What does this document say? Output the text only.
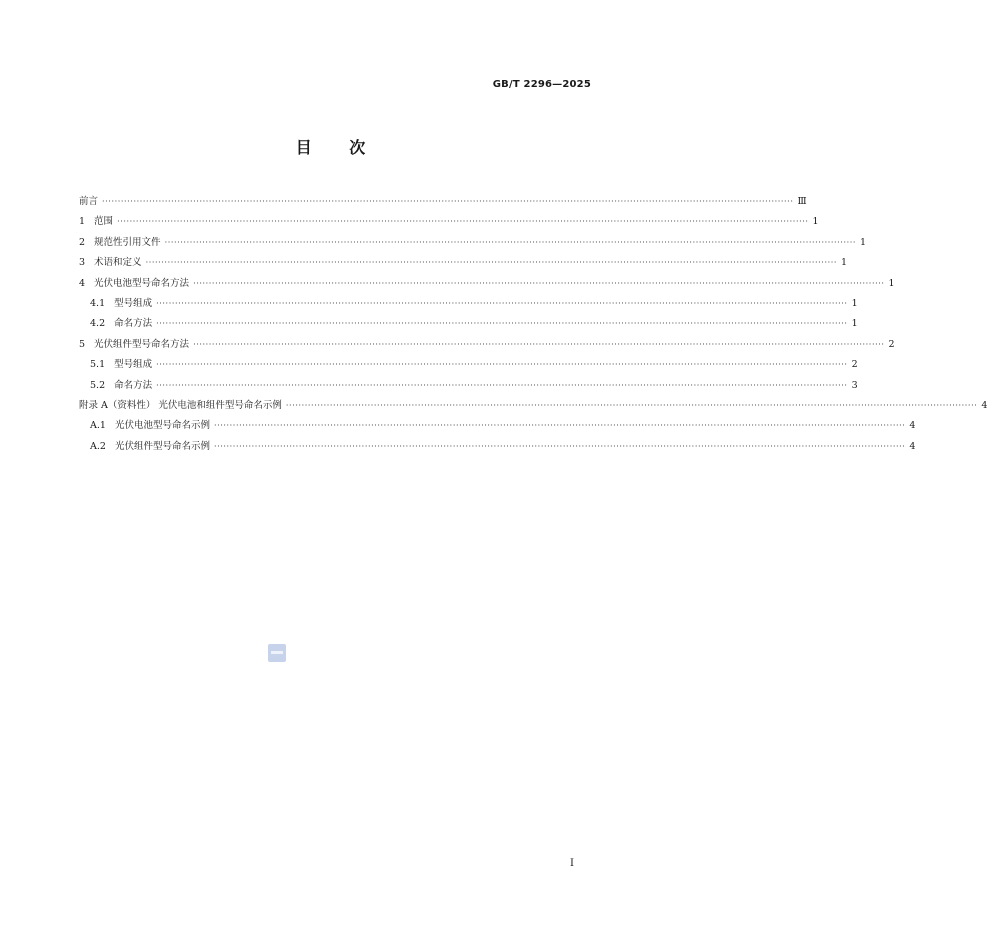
GB/T 2296—2025
目 次
前言 ···························································································································································································································· Ⅲ
1 范围 ···························································································································································································································· 1
2 规范性引用文件 ···························································································································································································································· 1
3 术语和定义 ···························································································································································································································· 1
4 光伏电池型号命名方法 ···························································································································································································································· 1
4.1 型号组成 ···························································································································································································································· 1
4.2 命名方法 ···························································································································································································································· 1
5 光伏组件型号命名方法 ···························································································································································································································· 2
5.1 型号组成 ···························································································································································································································· 2
5.2 命名方法 ···························································································································································································································· 3
附录 A（资料性） 光伏电池和组件型号命名示例 ···························································································································································································································· 4
A.1 光伏电池型号命名示例 ···························································································································································································································· 4
A.2 光伏组件型号命名示例 ···························································································································································································································· 4
I
